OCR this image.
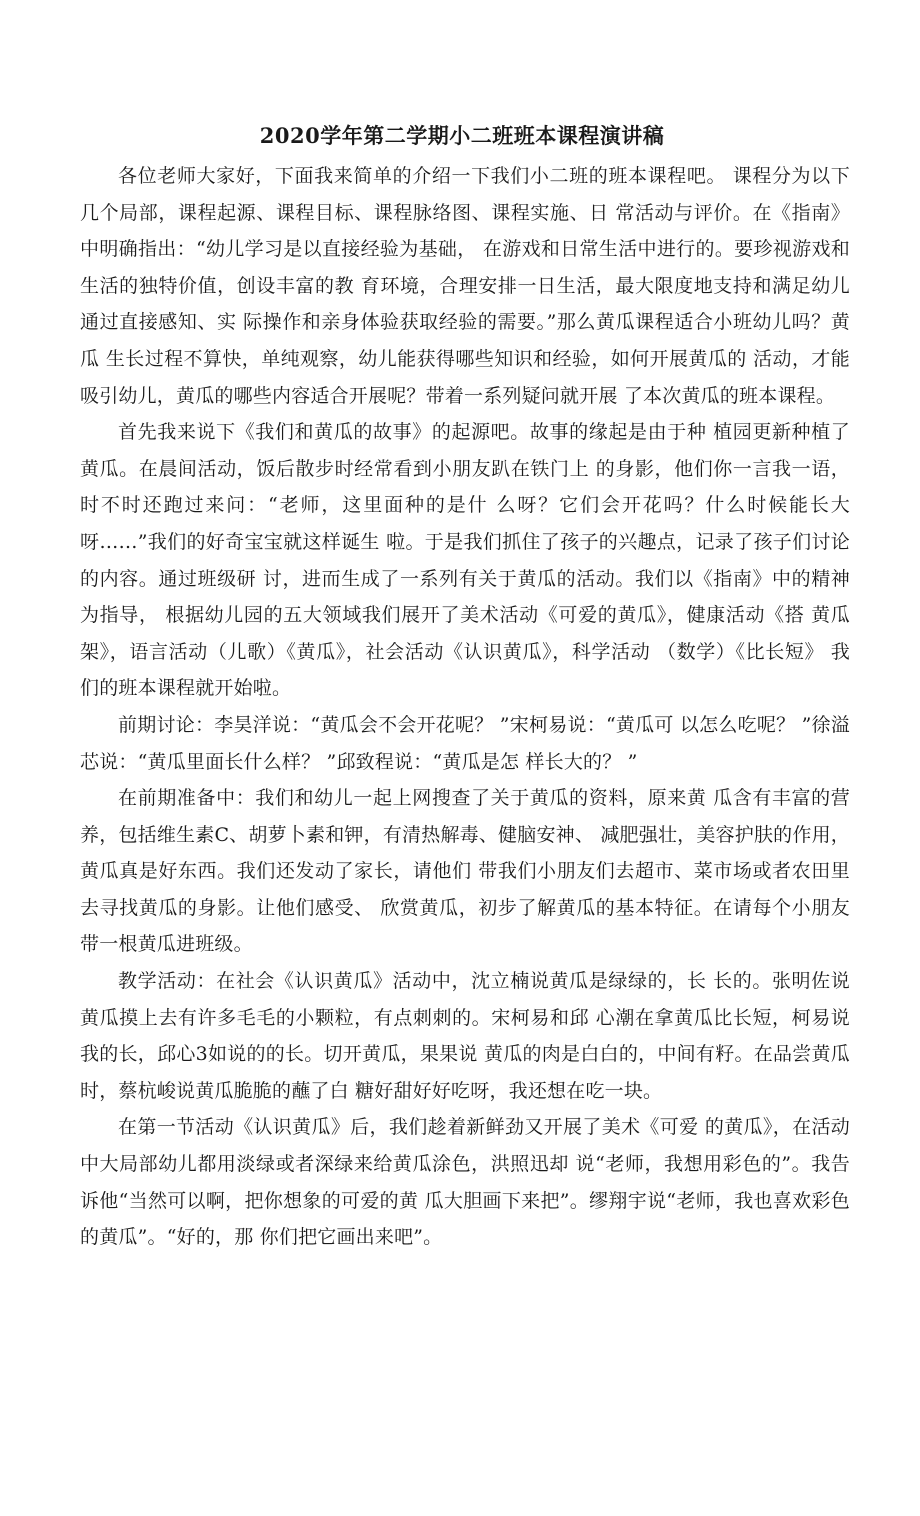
2020学年第二学期小二班班本课程演讲稿

各位老师大家好，下面我来简单的介绍一下我们小二班的班本课程吧。 课程分为以下几个局部，课程起源、课程目标、课程脉络图、课程实施、日 常活动与评价。在《指南》中明确指出：“幼儿学习是以直接经验为基础， 在游戏和日常生活中进行的。要珍视游戏和生活的独特价值，创设丰富的教 育环境，合理安排一日生活，最大限度地支持和满足幼儿通过直接感知、实 际操作和亲身体验获取经验的需要。”那么黄瓜课程适合小班幼儿吗？黄瓜 生长过程不算快，单纯观察，幼儿能获得哪些知识和经验，如何开展黄瓜的 活动，才能吸引幼儿，黄瓜的哪些内容适合开展呢？带着一系列疑问就开展 了本次黄瓜的班本课程。

首先我来说下《我们和黄瓜的故事》的起源吧。故事的缘起是由于种 植园更新种植了黄瓜。在晨间活动，饭后散步时经常看到小朋友趴在铁门上 的身影，他们你一言我一语，时不时还跑过来问：“老师，这里面种的是什 么呀？它们会开花吗？什么时候能长大呀……”我们的好奇宝宝就这样诞生 啦。于是我们抓住了孩子的兴趣点，记录了孩子们讨论的内容。通过班级研 讨，进而生成了一系列有关于黄瓜的活动。我们以《指南》中的精神为指导， 根据幼儿园的五大领域我们展开了美术活动《可爱的黄瓜》，健康活动《搭 黄瓜架》，语言活动（儿歌）《黄瓜》，社会活动《认识黄瓜》，科学活动 （数学）《比长短》 我们的班本课程就开始啦。

前期讨论：李昊洋说：“黄瓜会不会开花呢？ ”宋柯易说：“黄瓜可 以怎么吃呢？ ”徐溢芯说：“黄瓜里面长什么样？ ”邱致程说：“黄瓜是怎 样长大的？ ”

在前期准备中：我们和幼儿一起上网搜查了关于黄瓜的资料，原来黄 瓜含有丰富的营养，包括维生素C、胡萝卜素和钾，有清热解毒、健脑安神、 减肥强壮，美容护肤的作用，黄瓜真是好东西。我们还发动了家长，请他们 带我们小朋友们去超市、菜市场或者农田里去寻找黄瓜的身影。让他们感受、 欣赏黄瓜，初步了解黄瓜的基本特征。在请每个小朋友带一根黄瓜进班级。

教学活动：在社会《认识黄瓜》活动中，沈立楠说黄瓜是绿绿的，长 长的。张明佐说黄瓜摸上去有许多毛毛的小颗粒，有点刺刺的。宋柯易和邱 心潮在拿黄瓜比长短，柯易说我的长，邱心3如说的的长。切开黄瓜，果果说 黄瓜的肉是白白的，中间有籽。在品尝黄瓜时，蔡杭峻说黄瓜脆脆的蘸了白 糖好甜好好吃呀，我还想在吃一块。

在第一节活动《认识黄瓜》后，我们趁着新鲜劲又开展了美术《可爱 的黄瓜》，在活动中大局部幼儿都用淡绿或者深绿来给黄瓜涂色，洪照迅却 说“老师，我想用彩色的”。我告诉他“当然可以啊，把你想象的可爱的黄 瓜大胆画下来把”。缪翔宇说“老师，我也喜欢彩色的黄瓜”。“好的，那 你们把它画出来吧”。
